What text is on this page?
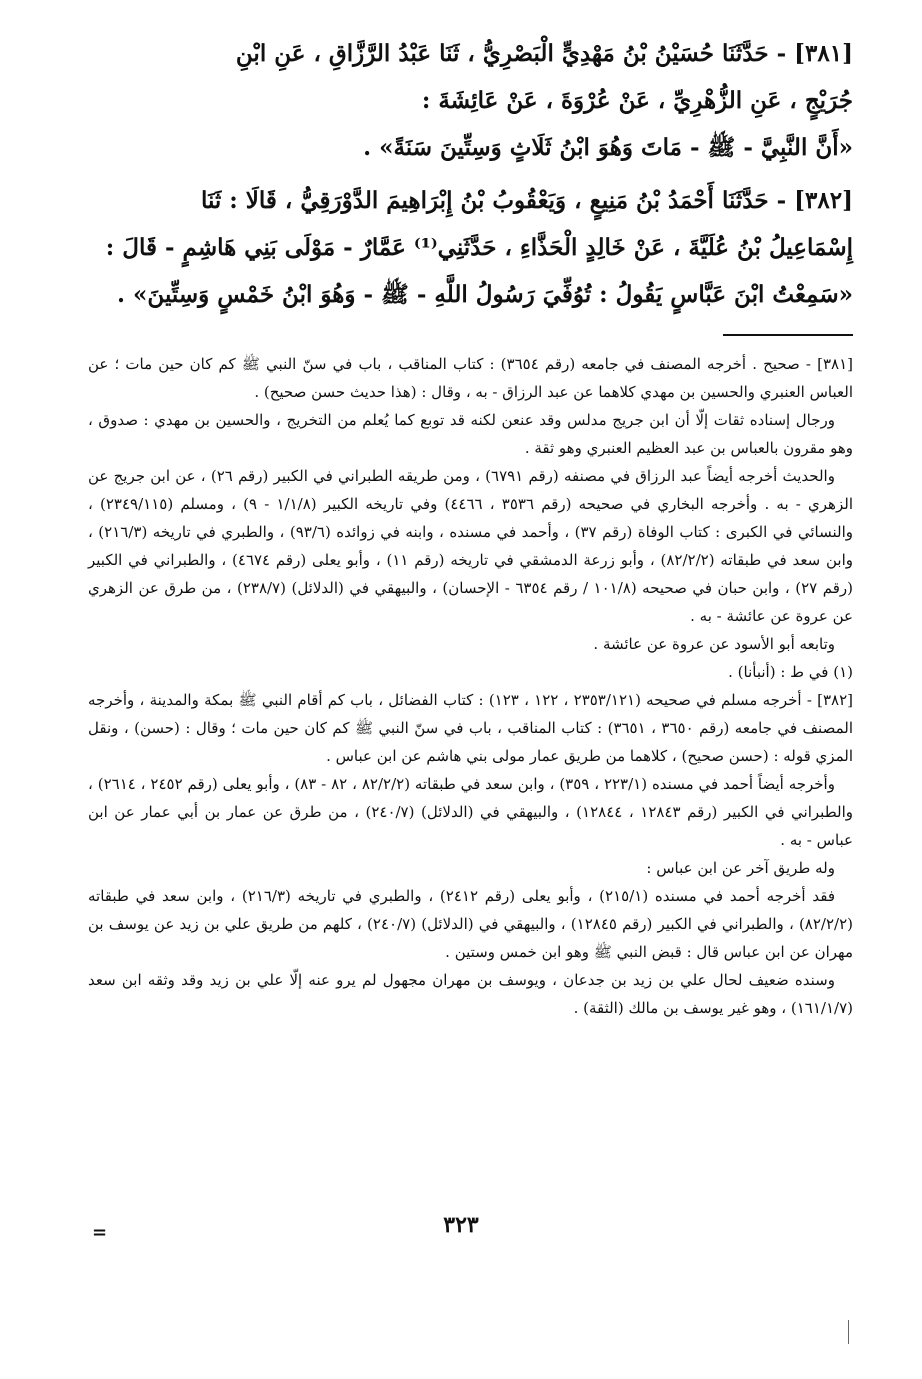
[٣٨١] - حَدَّثَنَا حُسَيْنُ بْنُ مَهْدِيٍّ الْبَصْرِيُّ ، ثَنَا عَبْدُ الرَّزَّاقِ ، عَنِ ابْنِ

جُرَيْجٍ ، عَنِ الزُّهْرِيِّ ، عَنْ عُرْوَةَ ، عَنْ عَائِشَةَ :

«أَنَّ النَّبِيَّ - ﷺ - مَاتَ وَهُوَ ابْنُ ثَلَاثٍ وَسِتِّينَ سَنَةً» .

[٣٨٢] - حَدَّثَنَا أَحْمَدُ بْنُ مَنِيعٍ ، وَيَعْقُوبُ بْنُ إِبْرَاهِيمَ الدَّوْرَقِيُّ ، قَالَا : ثَنَا

إِسْمَاعِيلُ بْنُ عُلَيَّةَ ، عَنْ خَالِدٍ الْحَذَّاءِ ، حَدَّثَنِي⁽¹⁾ عَمَّارٌ - مَوْلَى بَنِي هَاشِمٍ - قَالَ :

«سَمِعْتُ ابْنَ عَبَّاسٍ يَقُولُ : تُوُفِّيَ رَسُولُ اللَّهِ - ﷺ - وَهُوَ ابْنُ خَمْسٍ وَسِتِّينَ» .

[٣٨١] - صحيح . أخرجه المصنف في جامعه (رقم ٣٦٥٤) : كتاب المناقب ، باب في سنّ النبي ﷺ كم كان حين مات ؛ عن العباس العنبري والحسين بن مهدي كلاهما عن عبد الرزاق - به ، وقال : (هذا حديث حسن صحيح) .

ورجال إسناده ثقات إلّا أن ابن جريج مدلس وقد عنعن لكنه قد توبع كما يُعلم من التخريج ، والحسين بن مهدي : صدوق ، وهو مقرون بالعباس بن عبد العظيم العنبري وهو ثقة .

والحديث أخرجه أيضاً عبد الرزاق في مصنفه (رقم ٦٧٩١) ، ومن طريقه الطبراني في الكبير (رقم ٢٦) ، عن ابن جريج عن الزهري - به . وأخرجه البخاري في صحيحه (رقم ٣٥٣٦ ، ٤٤٦٦) وفي تاريخه الكبير (١/١/٨ - ٩) ، ومسلم (٢٣٤٩/١١٥) ، والنسائي في الكبرى : كتاب الوفاة (رقم ٣٧) ، وأحمد في مسنده ، وابنه في زوائده (٩٣/٦) ، والطبري في تاريخه (٢١٦/٣) ، وابن سعد في طبقاته (٨٢/٢/٢) ، وأبو زرعة الدمشقي في تاريخه (رقم ١١) ، وأبو يعلى (رقم ٤٦٧٤) ، والطبراني في الكبير (رقم ٢٧) ، وابن حبان في صحيحه (١٠١/٨ / رقم ٦٣٥٤ - الإحسان) ، والبيهقي في (الدلائل) (٢٣٨/٧) ، من طرق عن الزهري عن عروة عن عائشة - به .

وتابعه أبو الأسود عن عروة عن عائشة .

(١) في ط : (أنبأنا) .

[٣٨٢] - أخرجه مسلم في صحيحه (٢٣٥٣/١٢١ ، ١٢٢ ، ١٢٣) : كتاب الفضائل ، باب كم أقام النبي ﷺ بمكة والمدينة ، وأخرجه المصنف في جامعه (رقم ٣٦٥٠ ، ٣٦٥١) : كتاب المناقب ، باب في سنّ النبي ﷺ كم كان حين مات ؛ وقال : (حسن) ، ونقل المزي قوله : (حسن صحيح) ، كلاهما من طريق عمار مولى بني هاشم عن ابن عباس .

وأخرجه أيضاً أحمد في مسنده (٢٢٣/١ ، ٣٥٩) ، وابن سعد في طبقاته (٨٢/٢/٢ ، ٨٢ - ٨٣) ، وأبو يعلى (رقم ٢٤٥٢ ، ٢٦١٤) ، والطبراني في الكبير (رقم ١٢٨٤٣ ، ١٢٨٤٤) ، والبيهقي في (الدلائل) (٢٤٠/٧) ، من طرق عن عمار بن أبي عمار عن ابن عباس - به .

وله طريق آخر عن ابن عباس :

فقد أخرجه أحمد في مسنده (٢١٥/١) ، وأبو يعلى (رقم ٢٤١٢) ، والطبري في تاريخه (٢١٦/٣) ، وابن سعد في طبقاته (٨٢/٢/٢) ، والطبراني في الكبير (رقم ١٢٨٤٥) ، والبيهقي في (الدلائل) (٢٤٠/٧) ، كلهم من طريق علي بن زيد عن يوسف بن مهران عن ابن عباس قال : قبض النبي ﷺ وهو ابن خمس وستين .

وسنده ضعيف لحال علي بن زيد بن جدعان ، ويوسف بن مهران مجهول لم يرو عنه إلّا علي بن زيد وقد وثقه ابن سعد (١٦١/١/٧) ، وهو غير يوسف بن مالك (الثقة) .

=	٣٢٣
